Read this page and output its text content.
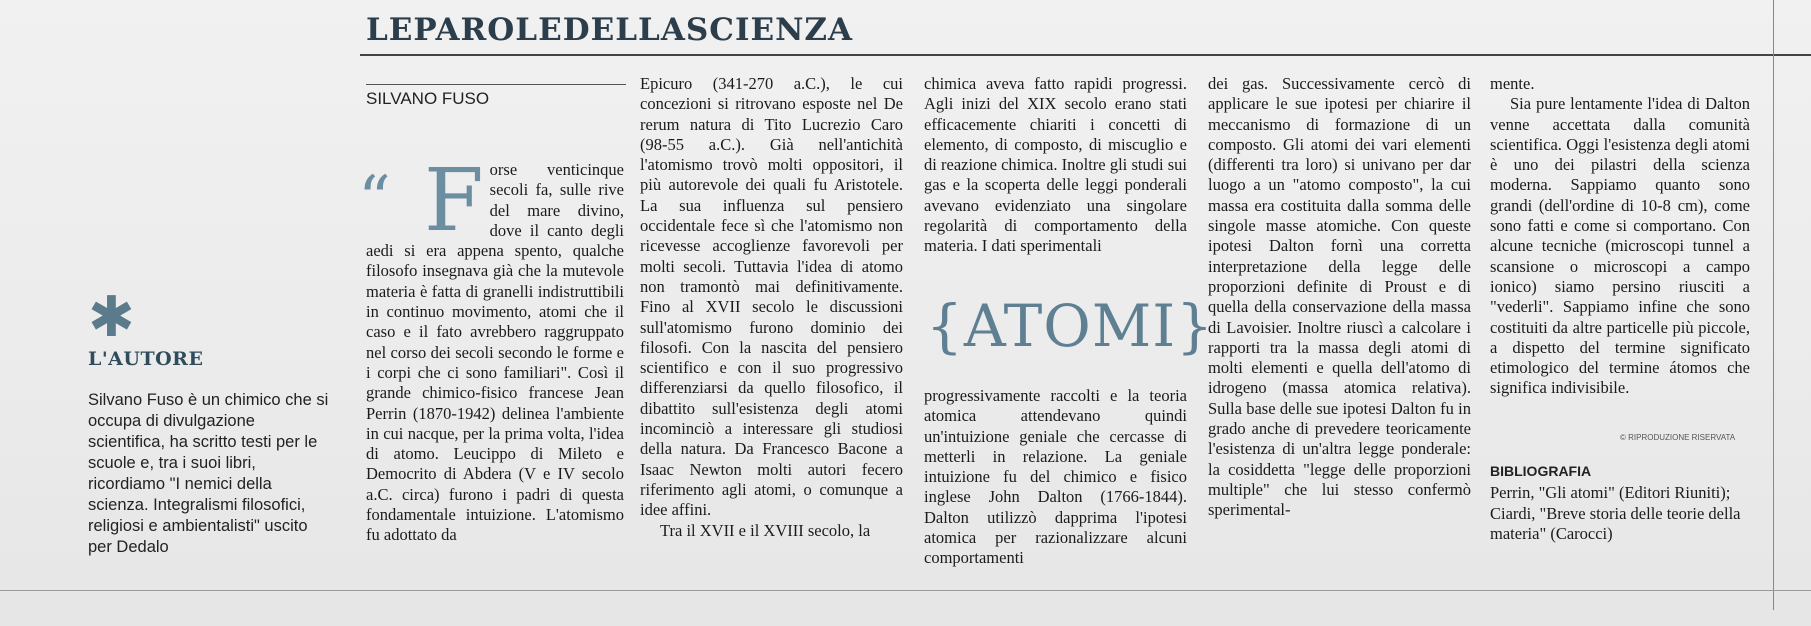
LEPAROLEDELLASCIENZA
SILVANO FUSO
✱
L'AUTORE
Silvano Fuso è un chimico che si occupa di divulgazione scientifica, ha scritto testi per le scuole e, tra i suoi libri, ricordiamo "I nemici della scienza. Integralismi filosofici, religiosi e ambientalisti" uscito per Dedalo
“ F orse venticinque secoli fa, sulle rive del mare divino, dove il canto degli aedi si era appena spento, qualche filosofo insegnava già che la mutevole materia è fatta di granelli indistruttibili in continuo movimento, atomi che il caso e il fato avrebbero raggruppato nel corso dei secoli secondo le forme e i corpi che ci sono familiari". Così il grande chimico-fisico francese Jean Perrin (1870-1942) delinea l'ambiente in cui nacque, per la prima volta, l'idea di atomo. Leucippo di Mileto e Democrito di Abdera (V e IV secolo a.C. circa) furono i padri di questa fondamentale intuizione. L'atomismo fu adottato da

Epicuro (341-270 a.C.), le cui concezioni si ritrovano esposte nel De rerum natura di Tito Lucrezio Caro (98-55 a.C.). Già nell'antichità l'atomismo trovò molti oppositori, il più autorevole dei quali fu Aristotele. La sua influenza sul pensiero occidentale fece sì che l'atomismo non ricevesse accoglienze favorevoli per molti secoli. Tuttavia l'idea di atomo non tramontò mai definitivamente. Fino al XVII secolo le discussioni sull'atomismo furono dominio dei filosofi. Con la nascita del pensiero scientifico e con il suo progressivo differenziarsi da quello filosofico, il dibattito sull'esistenza degli atomi incominciò a interessare gli studiosi della natura. Da Francesco Bacone a Isaac Newton molti autori fecero riferimento agli atomi, o comunque a idee affini.

Tra il XVII e il XVIII secolo, la

chimica aveva fatto rapidi progressi. Agli inizi del XIX secolo erano stati efficacemente chiariti i concetti di elemento, di composto, di miscuglio e di reazione chimica. Inoltre gli studi sui gas e la scoperta delle leggi ponderali avevano evidenziato una singolare regolarità di comportamento della materia. I dati sperimentali

{ATOMI}

progressivamente raccolti e la teoria atomica attendevano quindi un'intuizione geniale che cercasse di metterli in relazione. La geniale intuizione fu del chimico e fisico inglese John Dalton (1766-1844). Dalton utilizzò dapprima l'ipotesi atomica per razionalizzare alcuni comportamenti

dei gas. Successivamente cercò di applicare le sue ipotesi per chiarire il meccanismo di formazione di un composto. Gli atomi dei vari elementi (differenti tra loro) si univano per dar luogo a un "atomo composto", la cui massa era costituita dalla somma delle singole masse atomiche. Con queste ipotesi Dalton fornì una corretta interpretazione della legge delle proporzioni definite di Proust e di quella della conservazione della massa di Lavoisier. Inoltre riuscì a calcolare i rapporti tra la massa degli atomi di molti elementi e quella dell'atomo di idrogeno (massa atomica relativa). Sulla base delle sue ipotesi Dalton fu in grado anche di prevedere teoricamente l'esistenza di un'altra legge ponderale: la cosiddetta "legge delle proporzioni multiple" che lui stesso confermò sperimental-

mente.

Sia pure lentamente l'idea di Dalton venne accettata dalla comunità scientifica. Oggi l'esistenza degli atomi è uno dei pilastri della scienza moderna. Sappiamo quanto sono grandi (dell'ordine di 10-8 cm), come sono fatti e come si comportano. Con alcune tecniche (microscopi tunnel a scansione o microscopi a campo ionico) siamo persino riusciti a "vederli". Sappiamo infine che sono costituiti da altre particelle più piccole, a dispetto del termine significato etimologico del termine átomos che significa indivisibile.

© RIPRODUZIONE RISERVATA
BIBLIOGRAFIA
Perrin, "Gli atomi" (Editori Riuniti); Ciardi, "Breve storia delle teorie della materia" (Carocci)
